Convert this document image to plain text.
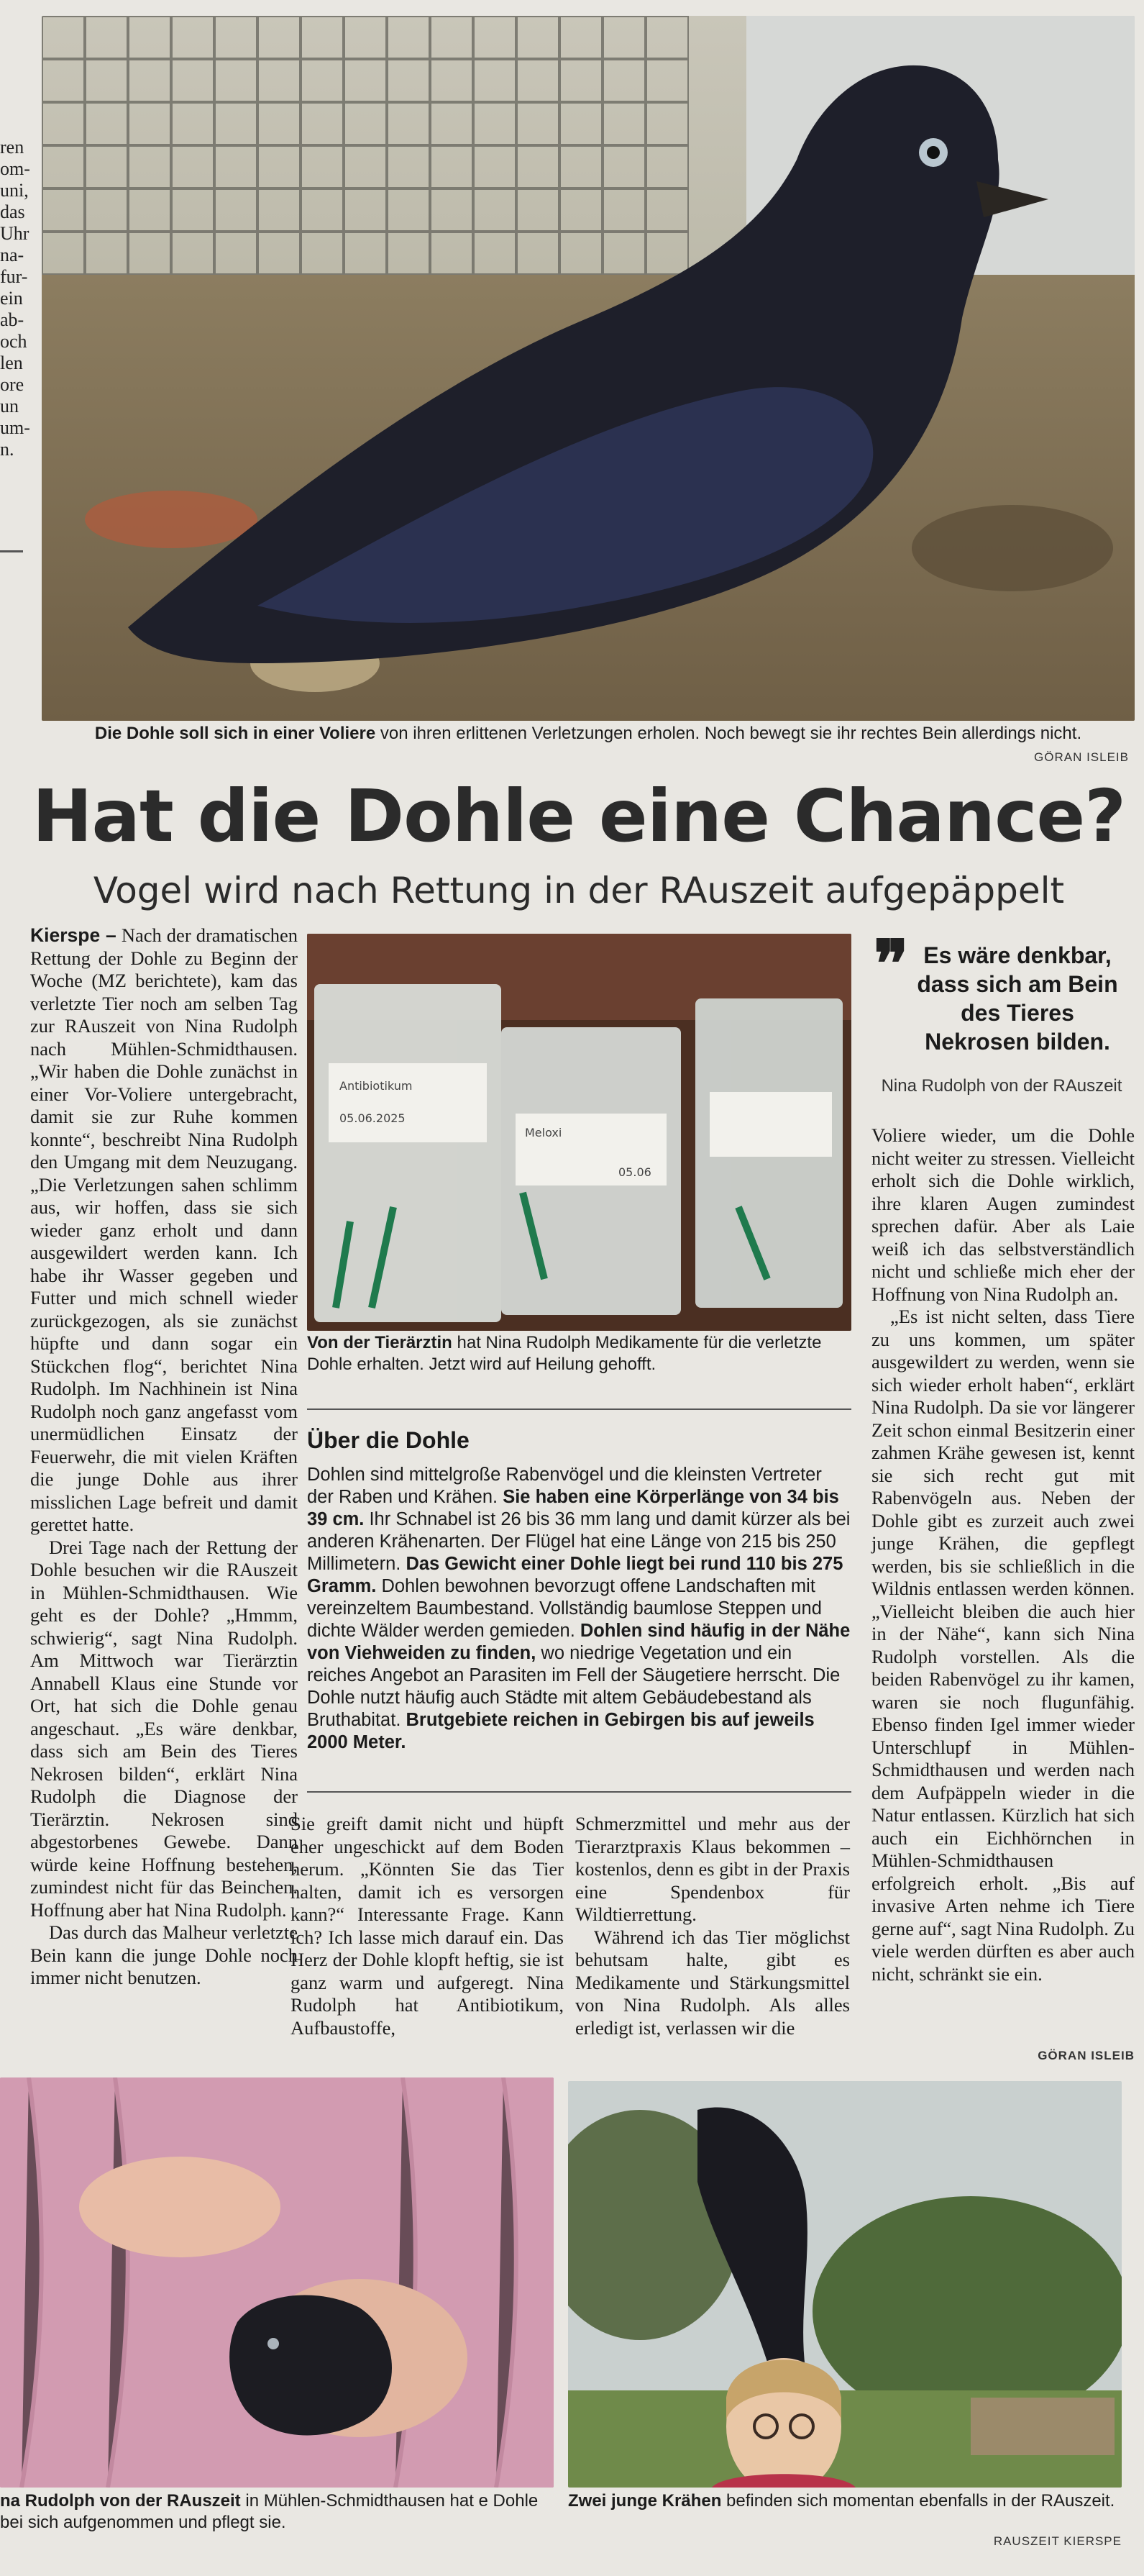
ren
om-
uni,
das
Uhr
na-
fur-
ein
ab-
och
len
ore
un
um-
n.
Die Dohle soll sich in einer Voliere von ihren erlittenen Verletzungen erholen. Noch bewegt sie ihr rechtes Bein allerdings nicht.
GÖRAN ISLEIB
Hat die Dohle eine Chance?
Vogel wird nach Rettung in der RAuszeit aufgepäppelt

Kierspe – Nach der dramatischen Rettung der Dohle zu Beginn der Woche (MZ berichtete), kam das verletzte Tier noch am selben Tag zur RAuszeit von Nina Rudolph nach Mühlen-Schmidthausen. „Wir haben die Dohle zunächst in einer Vor-Voliere untergebracht, damit sie zur Ruhe kommen konnte“, beschreibt Nina Rudolph den Umgang mit dem Neuzugang. „Die Verletzungen sahen schlimm aus, wir hoffen, dass sie sich wieder ganz erholt und dann ausgewildert werden kann. Ich habe ihr Wasser gegeben und Futter und mich schnell wieder zurückgezogen, als sie zunächst hüpfte und dann sogar ein Stückchen flog“, berichtet Nina Rudolph. Im Nachhinein ist Nina Rudolph noch ganz angefasst vom unermüdlichen Einsatz der Feuerwehr, die mit vielen Kräften die junge Dohle aus ihrer misslichen Lage befreit und damit gerettet hatte.

Drei Tage nach der Rettung der Dohle besuchen wir die RAuszeit in Mühlen-Schmidthausen. Wie geht es der Dohle? „Hmmm, schwierig“, sagt Nina Rudolph. Am Mittwoch war Tierärztin Annabell Klaus eine Stunde vor Ort, hat sich die Dohle genau angeschaut. „Es wäre denkbar, dass sich am Bein des Tieres Nekrosen bilden“, erklärt Nina Rudolph die Diagnose der Tierärztin. Nekrosen sind abgestorbenes Gewebe. Dann würde keine Hoffnung bestehen, zumindest nicht für das Beinchen. Hoffnung aber hat Nina Rudolph.

Das durch das Malheur verletzte Bein kann die junge Dohle noch immer nicht benutzen.

Antibiotikum
05.06.2025
Meloxi
05.06
Von der Tierärztin hat Nina Rudolph Medikamente für die verletzte Dohle erhalten. Jetzt wird auf Heilung gehofft.
❞ Es wäre denkbar, dass sich am Bein des Tieres Nekrosen bilden.
Nina Rudolph von der RAuszeit
Über die Dohle
Dohlen sind mittelgroße Rabenvögel und die kleinsten Vertreter der Raben und Krähen. Sie haben eine Körperlänge von 34 bis 39 cm. Ihr Schnabel ist 26 bis 36 mm lang und damit kürzer als bei anderen Krähenarten. Der Flügel hat eine Länge von 215 bis 250 Millimetern. Das Gewicht einer Dohle liegt bei rund 110 bis 275 Gramm. Dohlen bewohnen bevorzugt offene Landschaften mit vereinzeltem Baumbestand. Vollständig baumlose Steppen und dichte Wälder werden gemieden. Dohlen sind häufig in der Nähe von Viehweiden zu finden, wo niedrige Vegetation und ein reiches Angebot an Parasiten im Fell der Säugetiere herrscht. Die Dohle nutzt häufig auch Städte mit altem Gebäudebestand als Bruthabitat. Brutgebiete reichen in Gebirgen bis auf jeweils 2000 Meter.

Sie greift damit nicht und hüpft eher ungeschickt auf dem Boden herum. „Könnten Sie das Tier halten, damit ich es versorgen kann?“ Interessante Frage. Kann ich? Ich lasse mich darauf ein. Das Herz der Dohle klopft heftig, sie ist ganz warm und aufgeregt. Nina Rudolph hat Antibiotikum, Aufbaustoffe,

Schmerzmittel und mehr aus der Tierarztpraxis Klaus bekommen – kostenlos, denn es gibt in der Praxis eine Spendenbox für Wildtierrettung.

Während ich das Tier möglichst behutsam halte, gibt es Medikamente und Stärkungsmittel von Nina Rudolph. Als alles erledigt ist, verlassen wir die

Voliere wieder, um die Dohle nicht weiter zu stressen. Vielleicht erholt sich die Dohle wirklich, ihre klaren Augen zumindest sprechen dafür. Aber als Laie weiß ich das selbstverständlich nicht und schließe mich eher der Hoffnung von Nina Rudolph an.

„Es ist nicht selten, dass Tiere zu uns kommen, um später ausgewildert zu werden, wenn sie sich wieder erholt haben“, erklärt Nina Rudolph. Da sie vor längerer Zeit schon einmal Besitzerin einer zahmen Krähe gewesen ist, kennt sie sich recht gut mit Rabenvögeln aus. Neben der Dohle gibt es zurzeit auch zwei junge Krähen, die gepflegt werden, bis sie schließlich in die Wildnis entlassen werden können. „Vielleicht bleiben die auch hier in der Nähe“, kann sich Nina Rudolph vorstellen. Als die beiden Rabenvögel zu ihr kamen, waren sie noch flugunfähig. Ebenso finden Igel immer wieder Unterschlupf in Mühlen-Schmidthausen und werden nach dem Aufpäppeln wieder in die Natur entlassen. Kürzlich hat sich auch ein Eichhörnchen in Mühlen-Schmidthausen erfolgreich erholt. „Bis auf invasive Arten nehme ich Tiere gerne auf“, sagt Nina Rudolph. Zu viele werden dürften es aber auch nicht, schränkt sie ein.

GÖRAN ISLEIB
na Rudolph von der RAuszeit in Mühlen-Schmidthausen hat e Dohle bei sich aufgenommen und pflegt sie.
Zwei junge Krähen befinden sich momentan ebenfalls in der RAuszeit.
RAUSZEIT KIERSPE
